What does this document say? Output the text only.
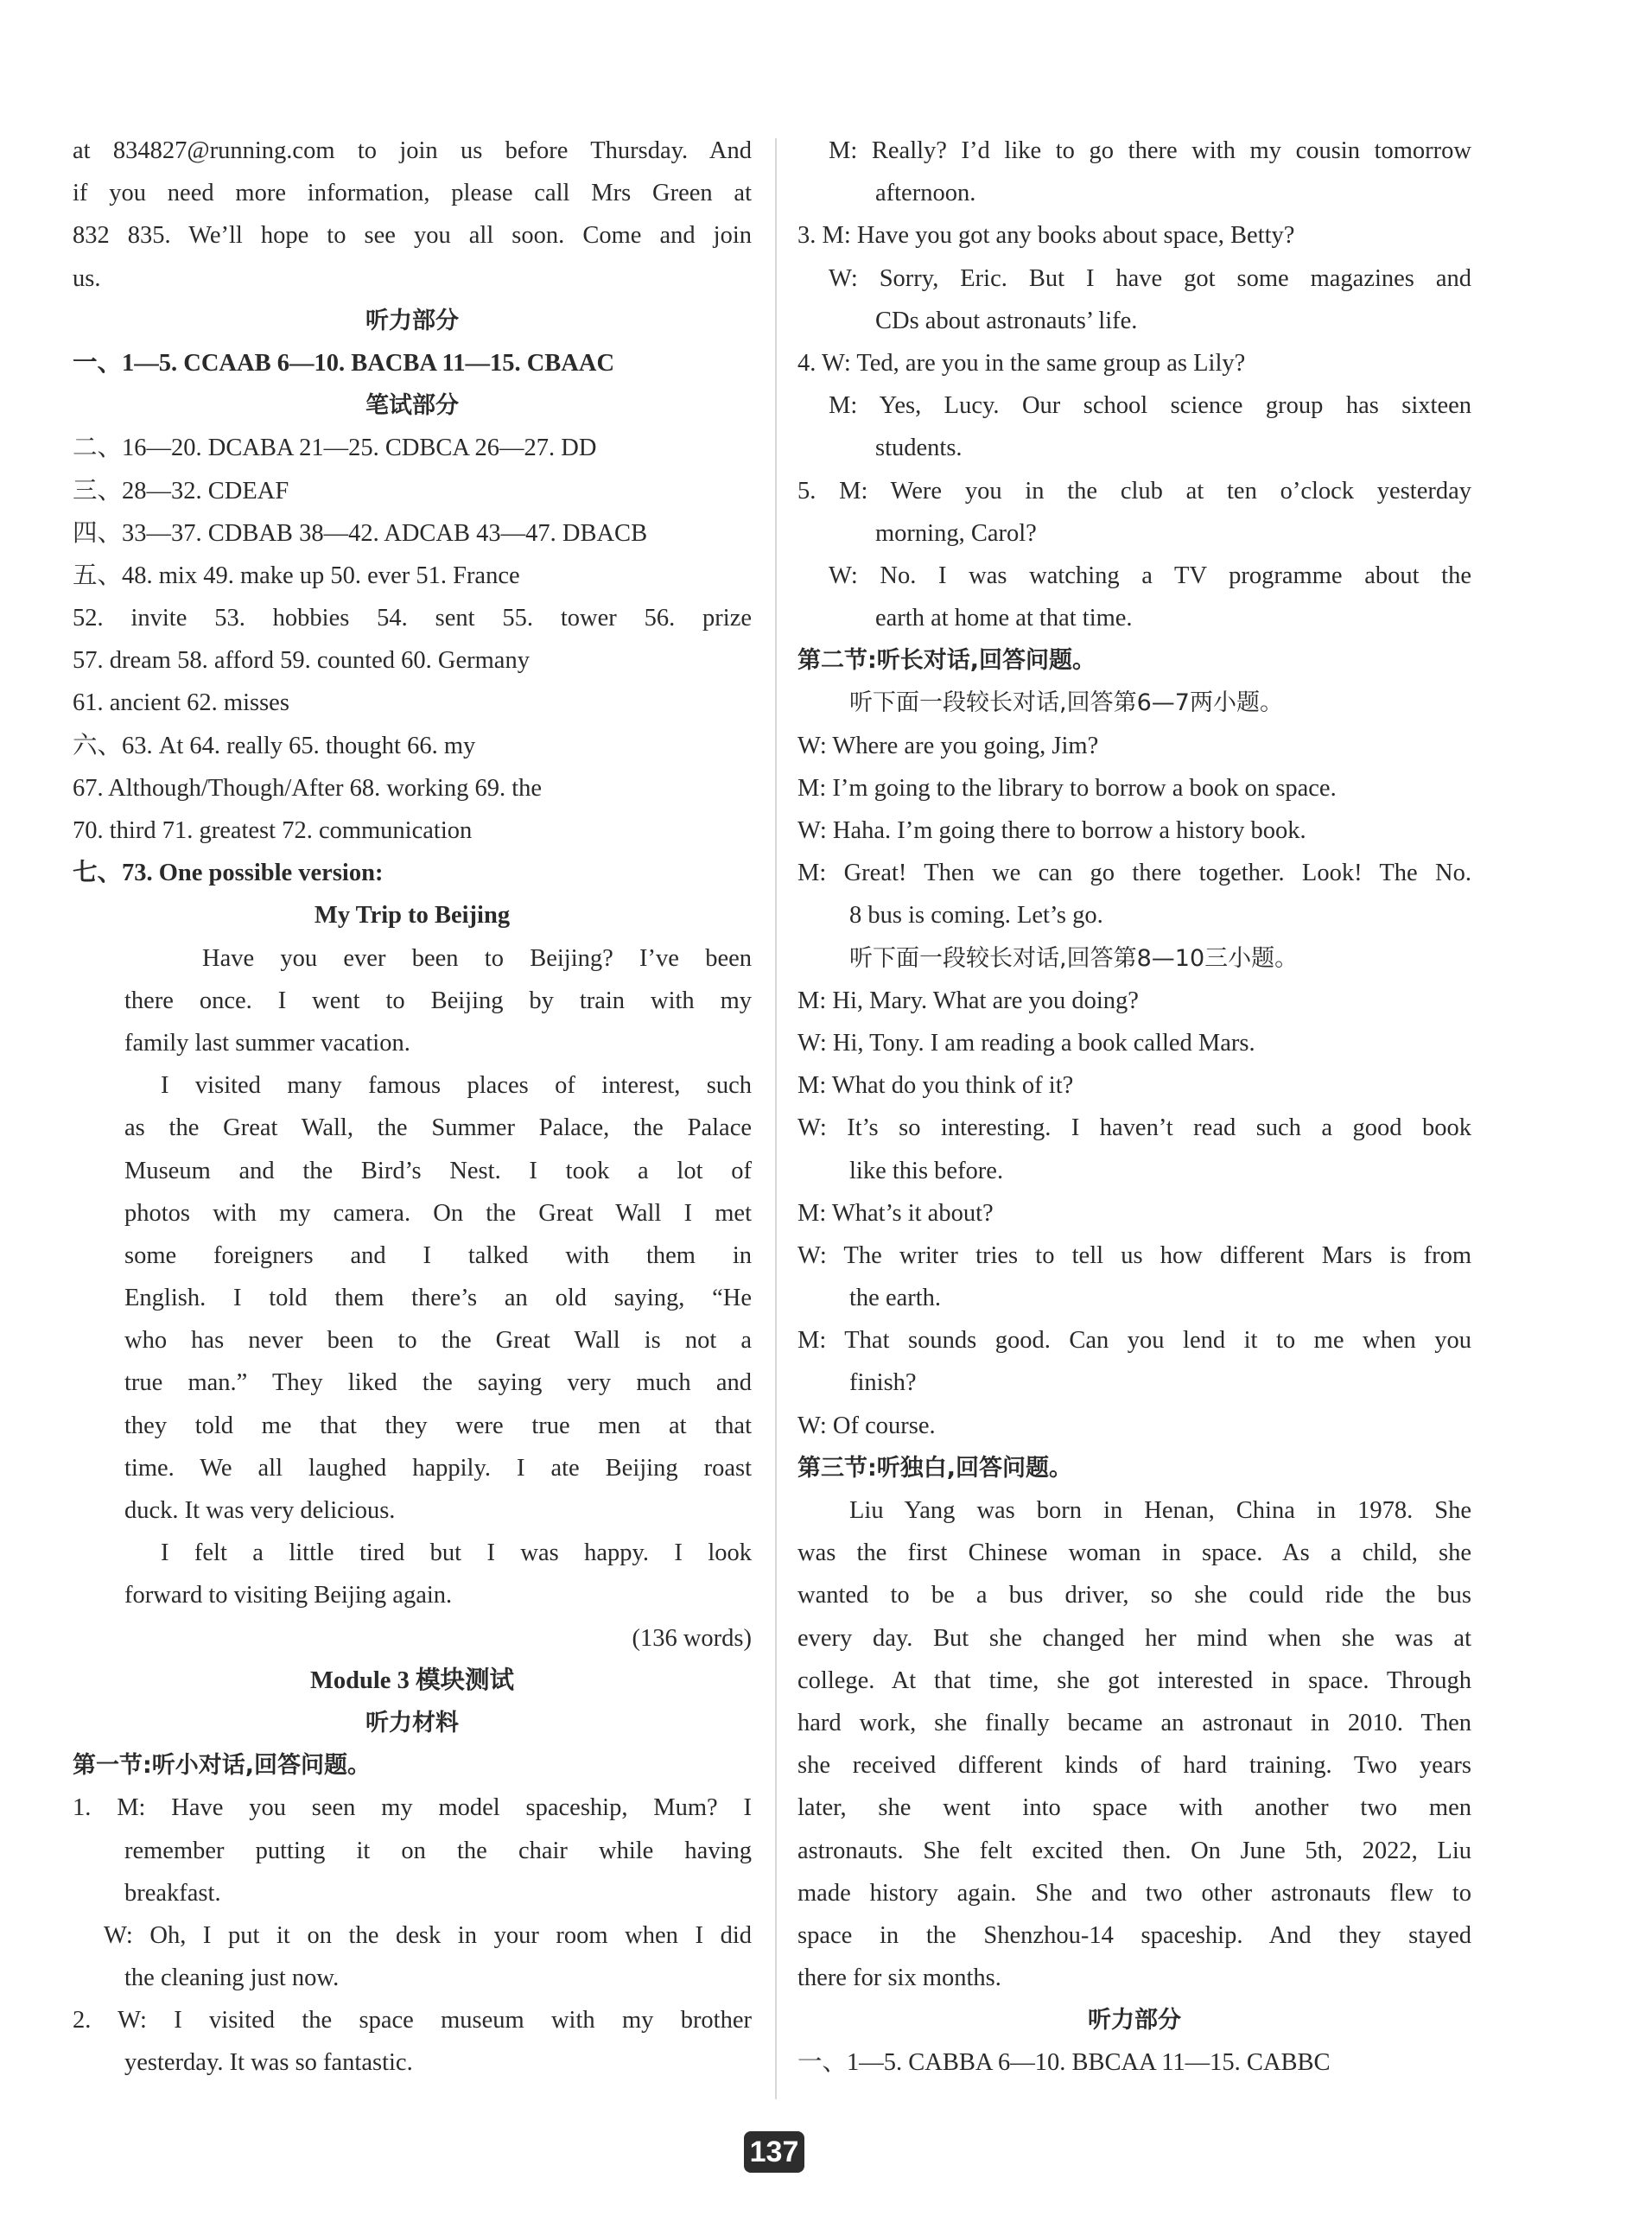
at 834827@running.com to join us before Thursday. And
if you need more information, please call Mrs Green at
832 835. We’ll hope to see you all soon. Come and join
us.
听力部分
一、1—5. CCAAB 6—10. BACBA 11—15. CBAAC
笔试部分
二、16—20. DCABA 21—25. CDBCA 26—27. DD
三、28—32. CDEAF
四、33—37. CDBAB 38—42. ADCAB 43—47. DBACB
五、48. mix 49. make up 50. ever 51. France
52. invite 53. hobbies 54. sent 55. tower 56. prize
57. dream 58. afford 59. counted 60. Germany
61. ancient 62. misses
六、63. At 64. really 65. thought 66. my
67. Although/Though/After 68. working 69. the
70. third 71. greatest 72. communication
七、73. One possible version:
My Trip to Beijing
Have you ever been to Beijing? I’ve been
there once. I went to Beijing by train with my
family last summer vacation.
I visited many famous places of interest, such
as the Great Wall, the Summer Palace, the Palace
Museum and the Bird’s Nest. I took a lot of
photos with my camera. On the Great Wall I met
some foreigners and I talked with them in
English. I told them there’s an old saying, “He
who has never been to the Great Wall is not a
true man.” They liked the saying very much and
they told me that they were true men at that
time. We all laughed happily. I ate Beijing roast
duck. It was very delicious.
I felt a little tired but I was happy. I look
forward to visiting Beijing again.
(136 words)
Module 3 模块测试
听力材料
第一节:听小对话,回答问题。
1. M: Have you seen my model spaceship, Mum? I
remember putting it on the chair while having
breakfast.
W: Oh, I put it on the desk in your room when I did
the cleaning just now.
2. W: I visited the space museum with my brother
yesterday. It was so fantastic.
M: Really? I’d like to go there with my cousin tomorrow
afternoon.
3. M: Have you got any books about space, Betty?
W: Sorry, Eric. But I have got some magazines and
CDs about astronauts’ life.
4. W: Ted, are you in the same group as Lily?
M: Yes, Lucy. Our school science group has sixteen
students.
5. M: Were you in the club at ten o’clock yesterday
morning, Carol?
W: No. I was watching a TV programme about the
earth at home at that time.
第二节:听长对话,回答问题。
听下面一段较长对话,回答第6—7两小题。
W: Where are you going, Jim?
M: I’m going to the library to borrow a book on space.
W: Haha. I’m going there to borrow a history book.
M: Great! Then we can go there together. Look! The No.
8 bus is coming. Let’s go.
听下面一段较长对话,回答第8—10三小题。
M: Hi, Mary. What are you doing?
W: Hi, Tony. I am reading a book called Mars.
M: What do you think of it?
W: It’s so interesting. I haven’t read such a good book
like this before.
M: What’s it about?
W: The writer tries to tell us how different Mars is from
the earth.
M: That sounds good. Can you lend it to me when you
finish?
W: Of course.
第三节:听独白,回答问题。
Liu Yang was born in Henan, China in 1978. She
was the first Chinese woman in space. As a child, she
wanted to be a bus driver, so she could ride the bus
every day. But she changed her mind when she was at
college. At that time, she got interested in space. Through
hard work, she finally became an astronaut in 2010. Then
she received different kinds of hard training. Two years
later, she went into space with another two men
astronauts. She felt excited then. On June 5th, 2022, Liu
made history again. She and two other astronauts flew to
space in the Shenzhou-14 spaceship. And they stayed
there for six months.
听力部分
一、1—5. CABBA 6—10. BBCAA 11—15. CABBC
137
